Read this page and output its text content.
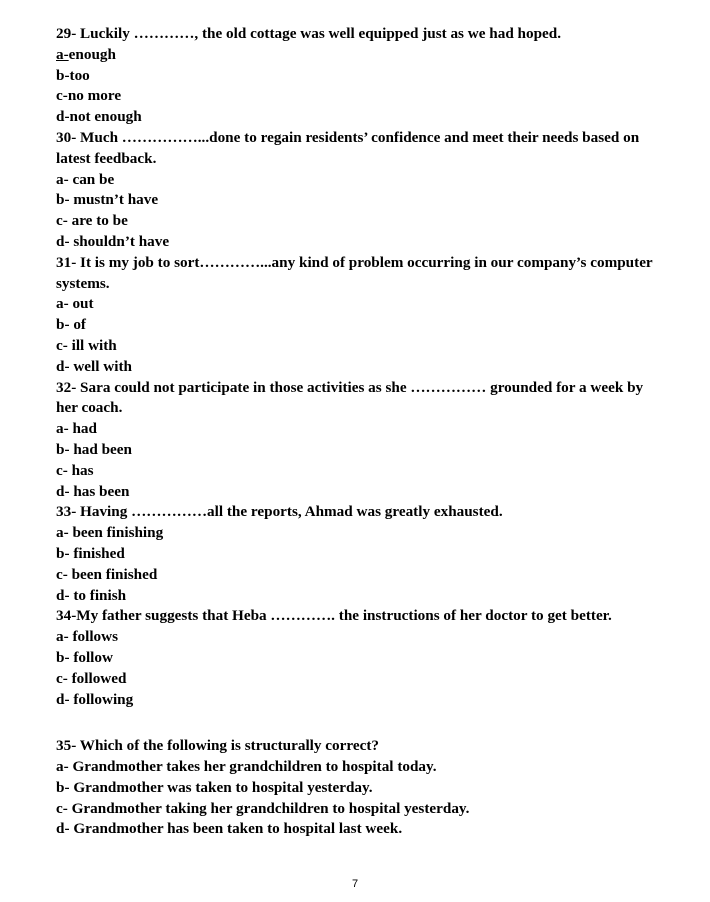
29- Luckily …………, the old cottage was well equipped just as we had hoped.
a-enough
b-too
c-no more
d-not enough
30- Much ……………...done to regain residents’ confidence and meet their needs based on latest feedback.
a- can be
b- mustn’t have
c- are to be
d- shouldn’t have
31- It is my job to sort…………...any kind of problem occurring in our company’s computer systems.
a- out
b- of
c- ill with
d- well with
32- Sara could not participate in those activities as she …………… grounded for a week by her coach.
a- had
b- had been
c- has
d- has been
33- Having ……………all the reports, Ahmad was greatly exhausted.
a- been finishing
b- finished
c- been finished
d- to finish
34-My father suggests that Heba …………. the instructions of her doctor to get better.
a- follows
b- follow
c- followed
d- following
35- Which of the following is structurally correct?
a- Grandmother takes her grandchildren to hospital today.
b- Grandmother was taken to hospital yesterday.
c- Grandmother taking her grandchildren to hospital yesterday.
d- Grandmother has been taken to hospital last week.
7
